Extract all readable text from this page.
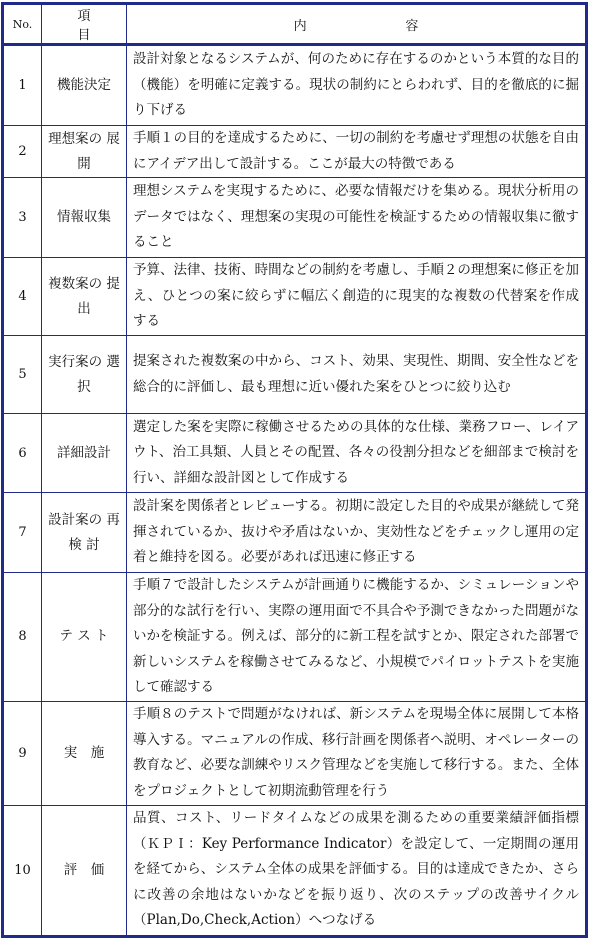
No.	項目	内容
1	機能決定	設計対象となるシステムが、何のために存在するのかという本質的な目的（機能）を明確に定義する。現状の制約にとらわれず、目的を徹底的に掘り下げる
2	理想案の 展 開	手順１の目的を達成するために、一切の制約を考慮せず理想の状態を自由にアイデア出して設計する。ここが最大の特徴である
3	情報収集	理想システムを実現するために、必要な情報だけを集める。現状分析用のデータではなく、理想案の実現の可能性を検証するための情報収集に徹すること
4	複数案の 提 出	予算、法律、技術、時間などの制約を考慮し、手順２の理想案に修正を加え、ひとつの案に絞らずに幅広く創造的に現実的な複数の代替案を作成する
5	実行案の 選 択	提案された複数案の中から、コスト、効果、実現性、期間、安全性などを総合的に評価し、最も理想に近い優れた案をひとつに絞り込む
6	詳細設計	選定した案を実際に稼働させるための具体的な仕様、業務フロー、レイアウト、治工具類、人員とその配置、各々の役割分担などを細部まで検討を行い、詳細な設計図として作成する
7	設計案の 再 検 討	設計案を関係者とレビューする。初期に設定した目的や成果が継続して発揮されているか、抜けや矛盾はないか、実効性などをチェックし運用の定着と維持を図る。必要があれば迅速に修正する
8	テ ス ト	手順７で設計したシステムが計画通りに機能するか、シミュレーションや部分的な試行を行い、実際の運用面で不具合や予測できなかった問題がないかを検証する。例えば、部分的に新工程を試すとか、限定された部署で新しいシステムを稼働させてみるなど、小規模でパイロットテストを実施して確認する
9	実　施	手順８のテストで問題がなければ、新システムを現場全体に展開して本格導入する。マニュアルの作成、移行計画を関係者へ説明、オペレーターの教育など、必要な訓練やリスク管理などを実施して移行する。また、全体をプロジェクトとして初期流動管理を行う
10	評　価	品質、コスト、リードタイムなどの成果を測るための重要業績評価指標（ＫＰＩ：Key Performance Indicator）を設定して、一定期間の運用を経てから、システム全体の成果を評価する。目的は達成できたか、さらに改善の余地はないかなどを振り返り、次のステップの改善サイクル（Plan,Do,Check,Action）へつなげる
